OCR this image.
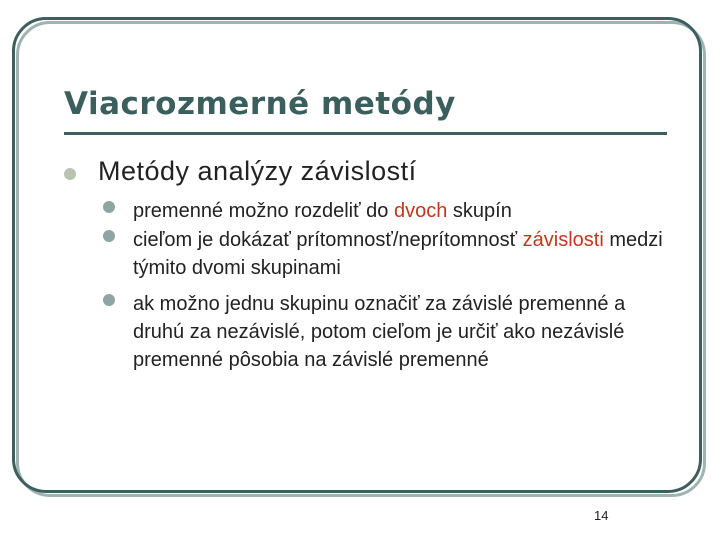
Viacrozmerné metódy
Metódy analýzy závislostí
premenné možno rozdeliť do dvoch skupín
cieľom je dokázať prítomnosť/neprítomnosť závislosti medzi týmito dvomi skupinami
ak možno jednu skupinu označiť za závislé premenné a druhú za nezávislé, potom cieľom je určiť ako nezávislé premenné pôsobia na závislé premenné
14
